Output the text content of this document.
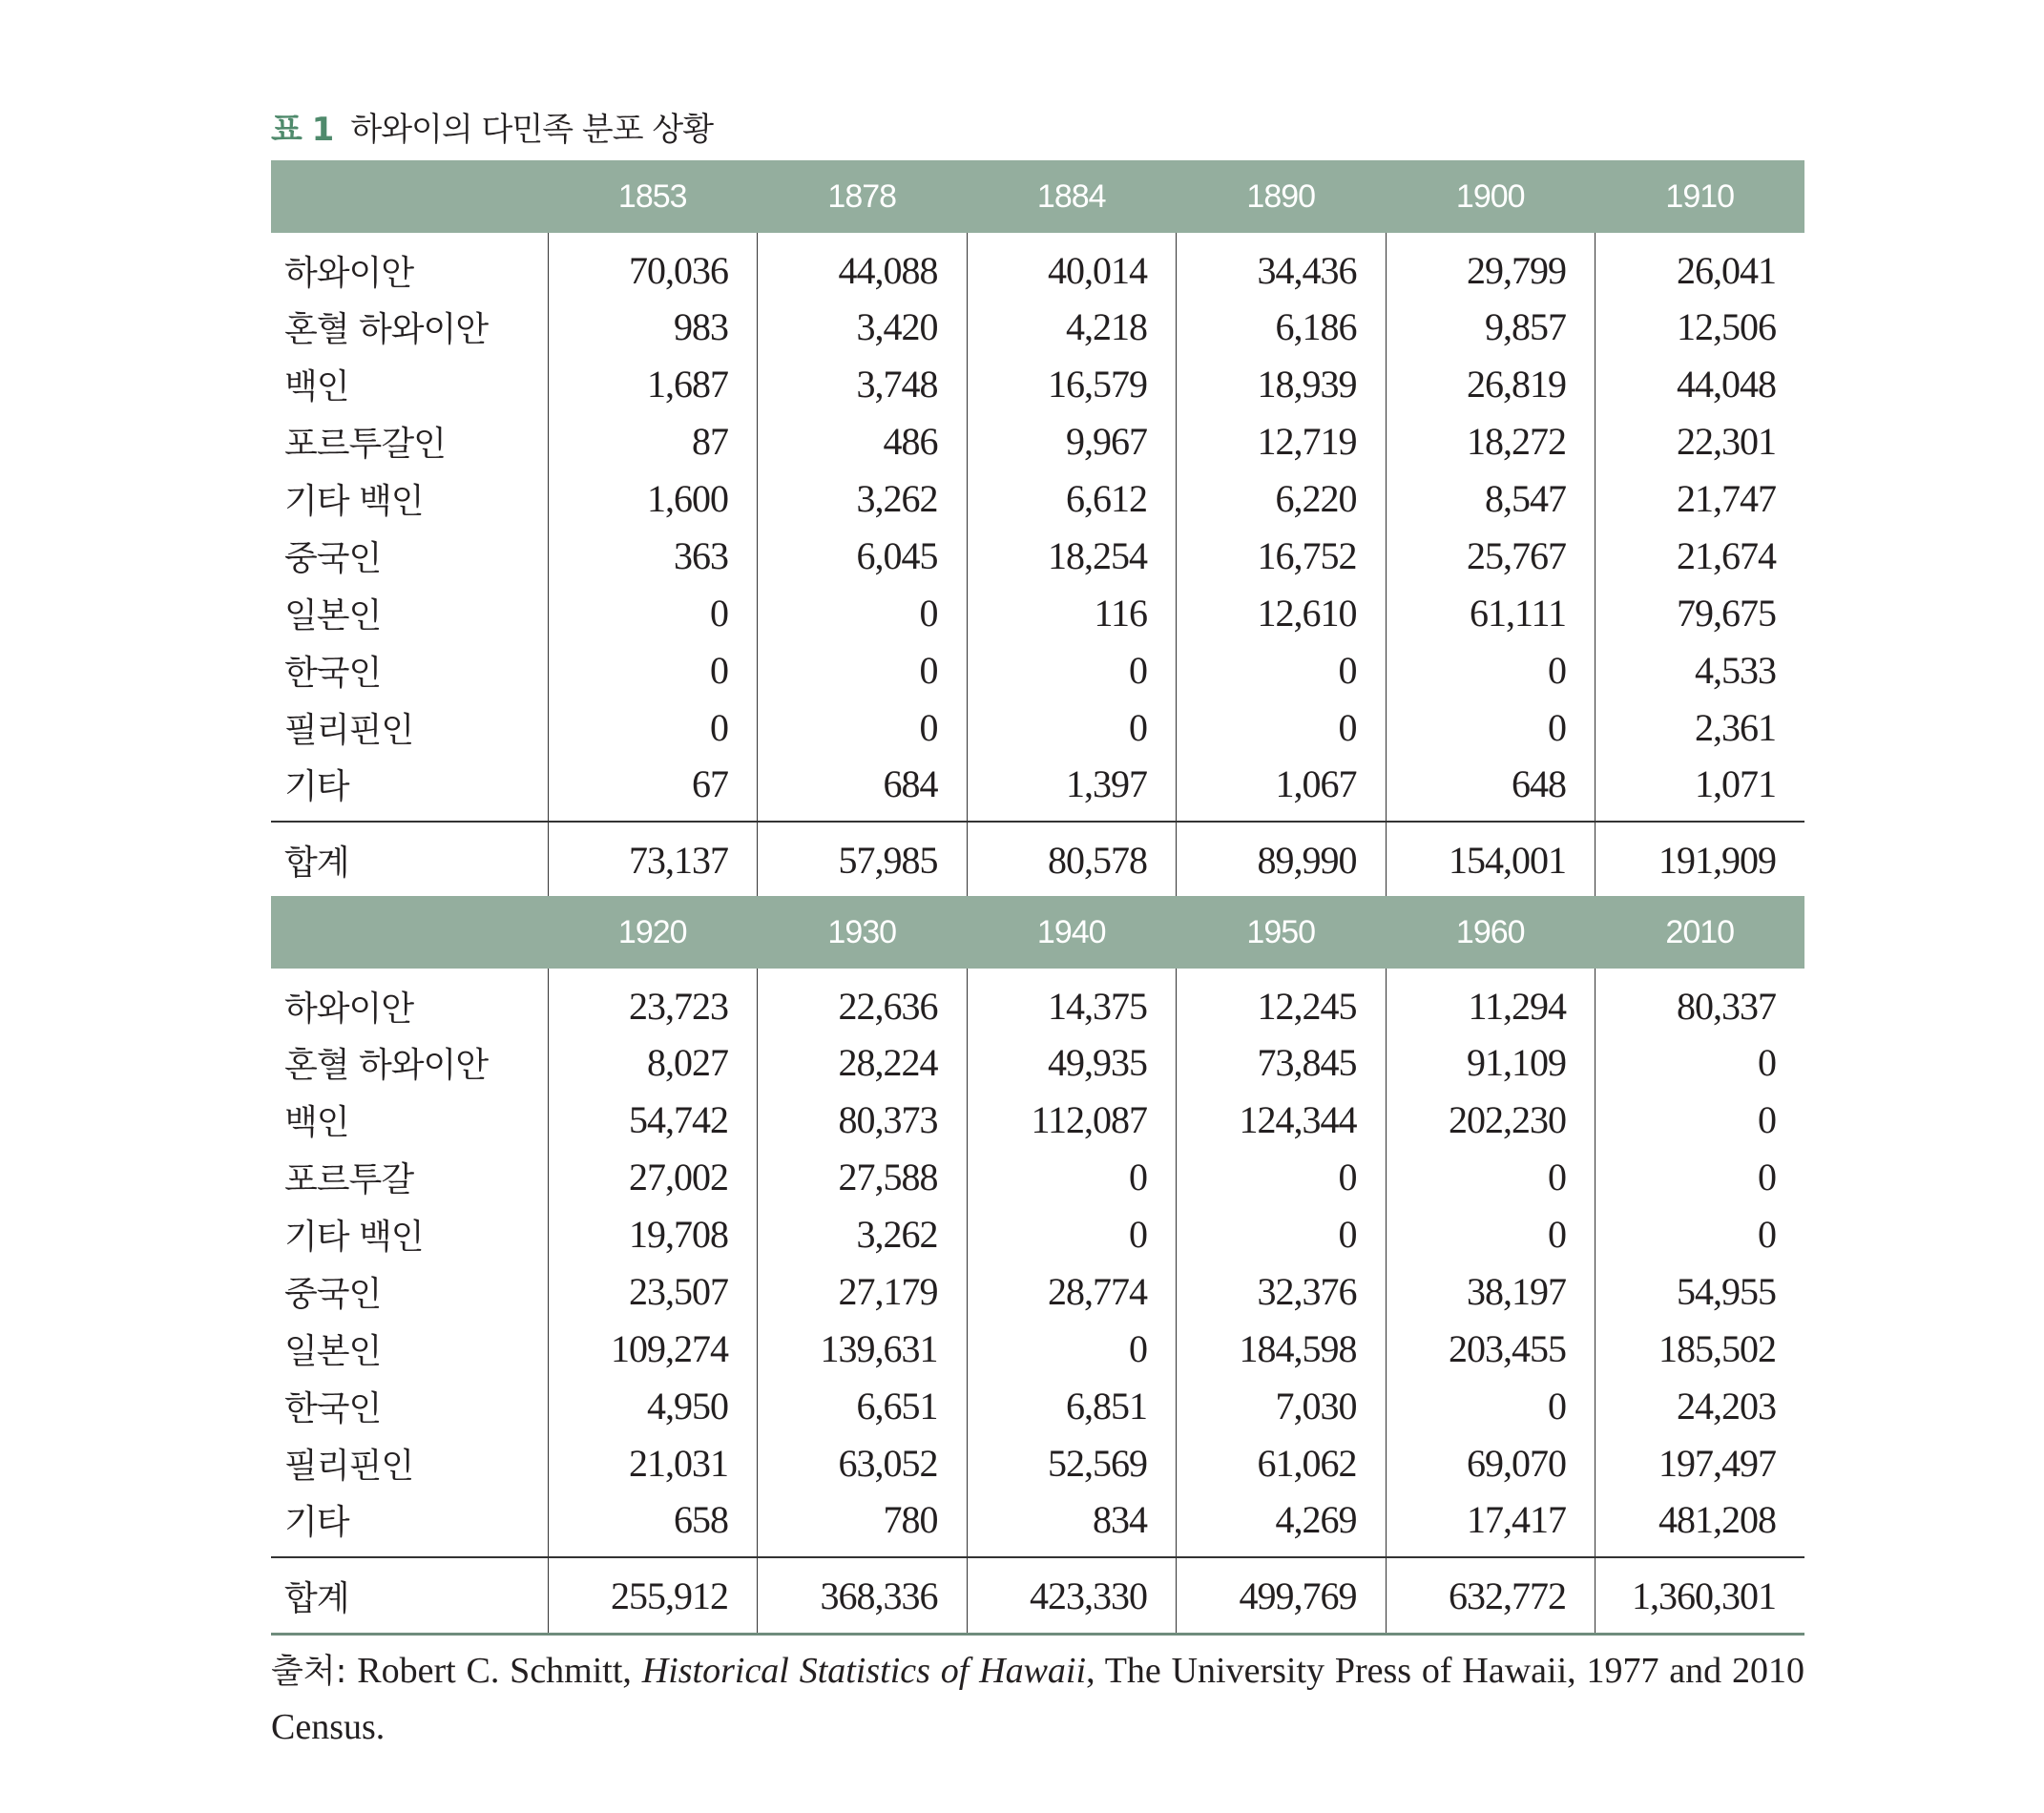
표 1 하와이의 다민족 분포 상황
	1853	1878	1884	1890	1900	1910
하와이안	70,036	44,088	40,014	34,436	29,799	26,041
혼혈 하와이안	983	3,420	4,218	6,186	9,857	12,506
백인	1,687	3,748	16,579	18,939	26,819	44,048
포르투갈인	87	486	9,967	12,719	18,272	22,301
기타 백인	1,600	3,262	6,612	6,220	8,547	21,747
중국인	363	6,045	18,254	16,752	25,767	21,674
일본인	0	0	116	12,610	61,111	79,675
한국인	0	0	0	0	0	4,533
필리핀인	0	0	0	0	0	2,361
기타	67	684	1,397	1,067	648	1,071
합계	73,137	57,985	80,578	89,990	154,001	191,909
	1920	1930	1940	1950	1960	2010
하와이안	23,723	22,636	14,375	12,245	11,294	80,337
혼혈 하와이안	8,027	28,224	49,935	73,845	91,109	0
백인	54,742	80,373	112,087	124,344	202,230	0
포르투갈	27,002	27,588	0	0	0	0
기타 백인	19,708	3,262	0	0	0	0
중국인	23,507	27,179	28,774	32,376	38,197	54,955
일본인	109,274	139,631	0	184,598	203,455	185,502
한국인	4,950	6,651	6,851	7,030	0	24,203
필리핀인	21,031	63,052	52,569	61,062	69,070	197,497
기타	658	780	834	4,269	17,417	481,208
합계	255,912	368,336	423,330	499,769	632,772	1,360,301
출처: Robert C. Schmitt, Historical Statistics of Hawaii, The University Press of Hawaii, 1977 and 2010 Census.
